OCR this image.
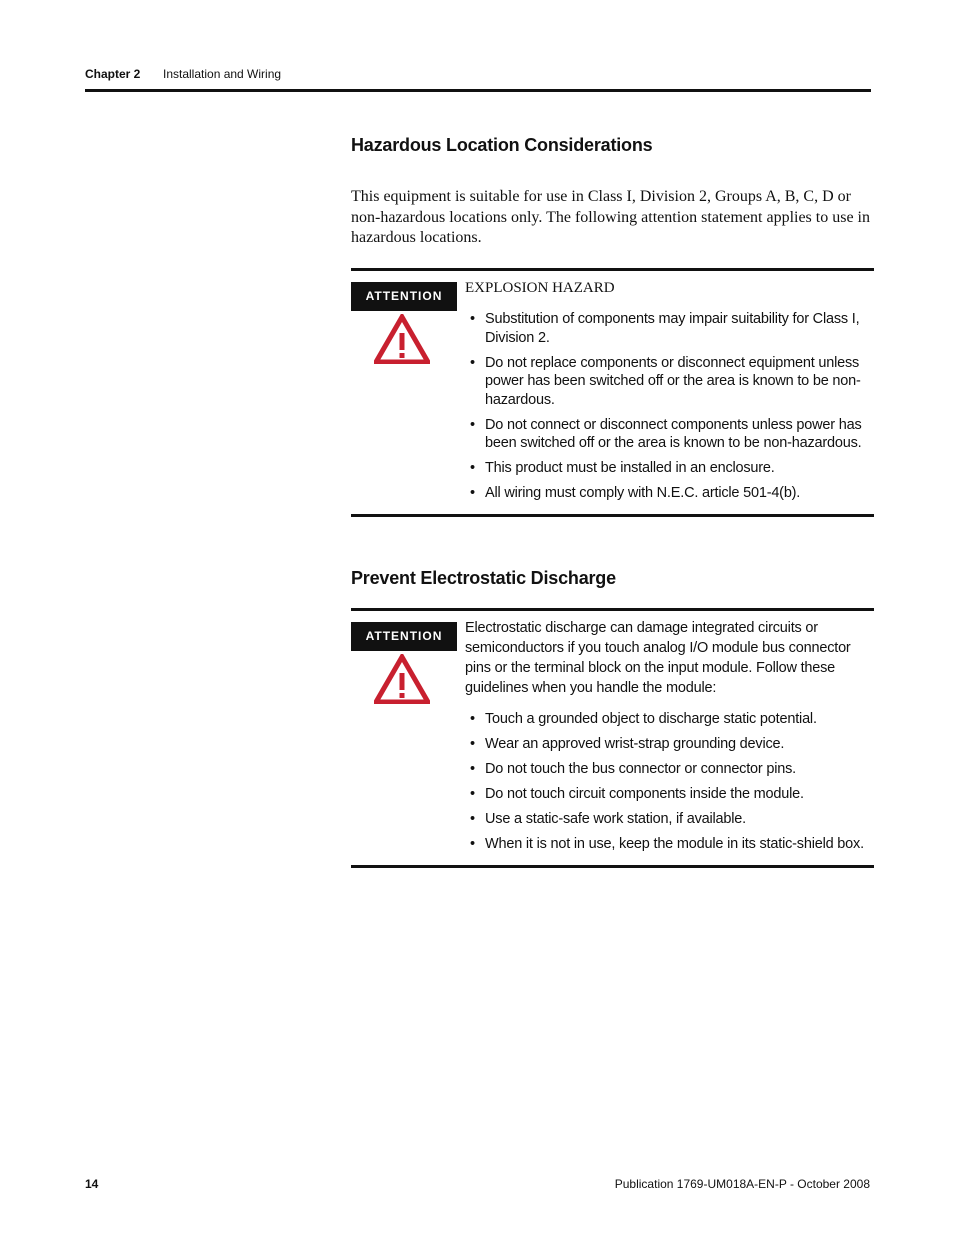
Chapter 2 Installation and Wiring
Hazardous Location Considerations
This equipment is suitable for use in Class I, Division 2, Groups A, B, C, D or non-hazardous locations only. The following attention statement applies to use in hazardous locations.
ATTENTION	EXPLOSION HAZARD
• Substitution of components may impair suitability for Class I, Division 2.
• Do not replace components or disconnect equipment unless power has been switched off or the area is known to be non-hazardous.
• Do not connect or disconnect components unless power has been switched off or the area is known to be non-hazardous.
• This product must be installed in an enclosure.
• All wiring must comply with N.E.C. article 501-4(b).
Prevent Electrostatic Discharge
ATTENTION	Electrostatic discharge can damage integrated circuits or semiconductors if you touch analog I/O module bus connector pins or the terminal block on the input module. Follow these guidelines when you handle the module:
• Touch a grounded object to discharge static potential.
• Wear an approved wrist-strap grounding device.
• Do not touch the bus connector or connector pins.
• Do not touch circuit components inside the module.
• Use a static-safe work station, if available.
• When it is not in use, keep the module in its static-shield box.
14	Publication 1769-UM018A-EN-P - October 2008
